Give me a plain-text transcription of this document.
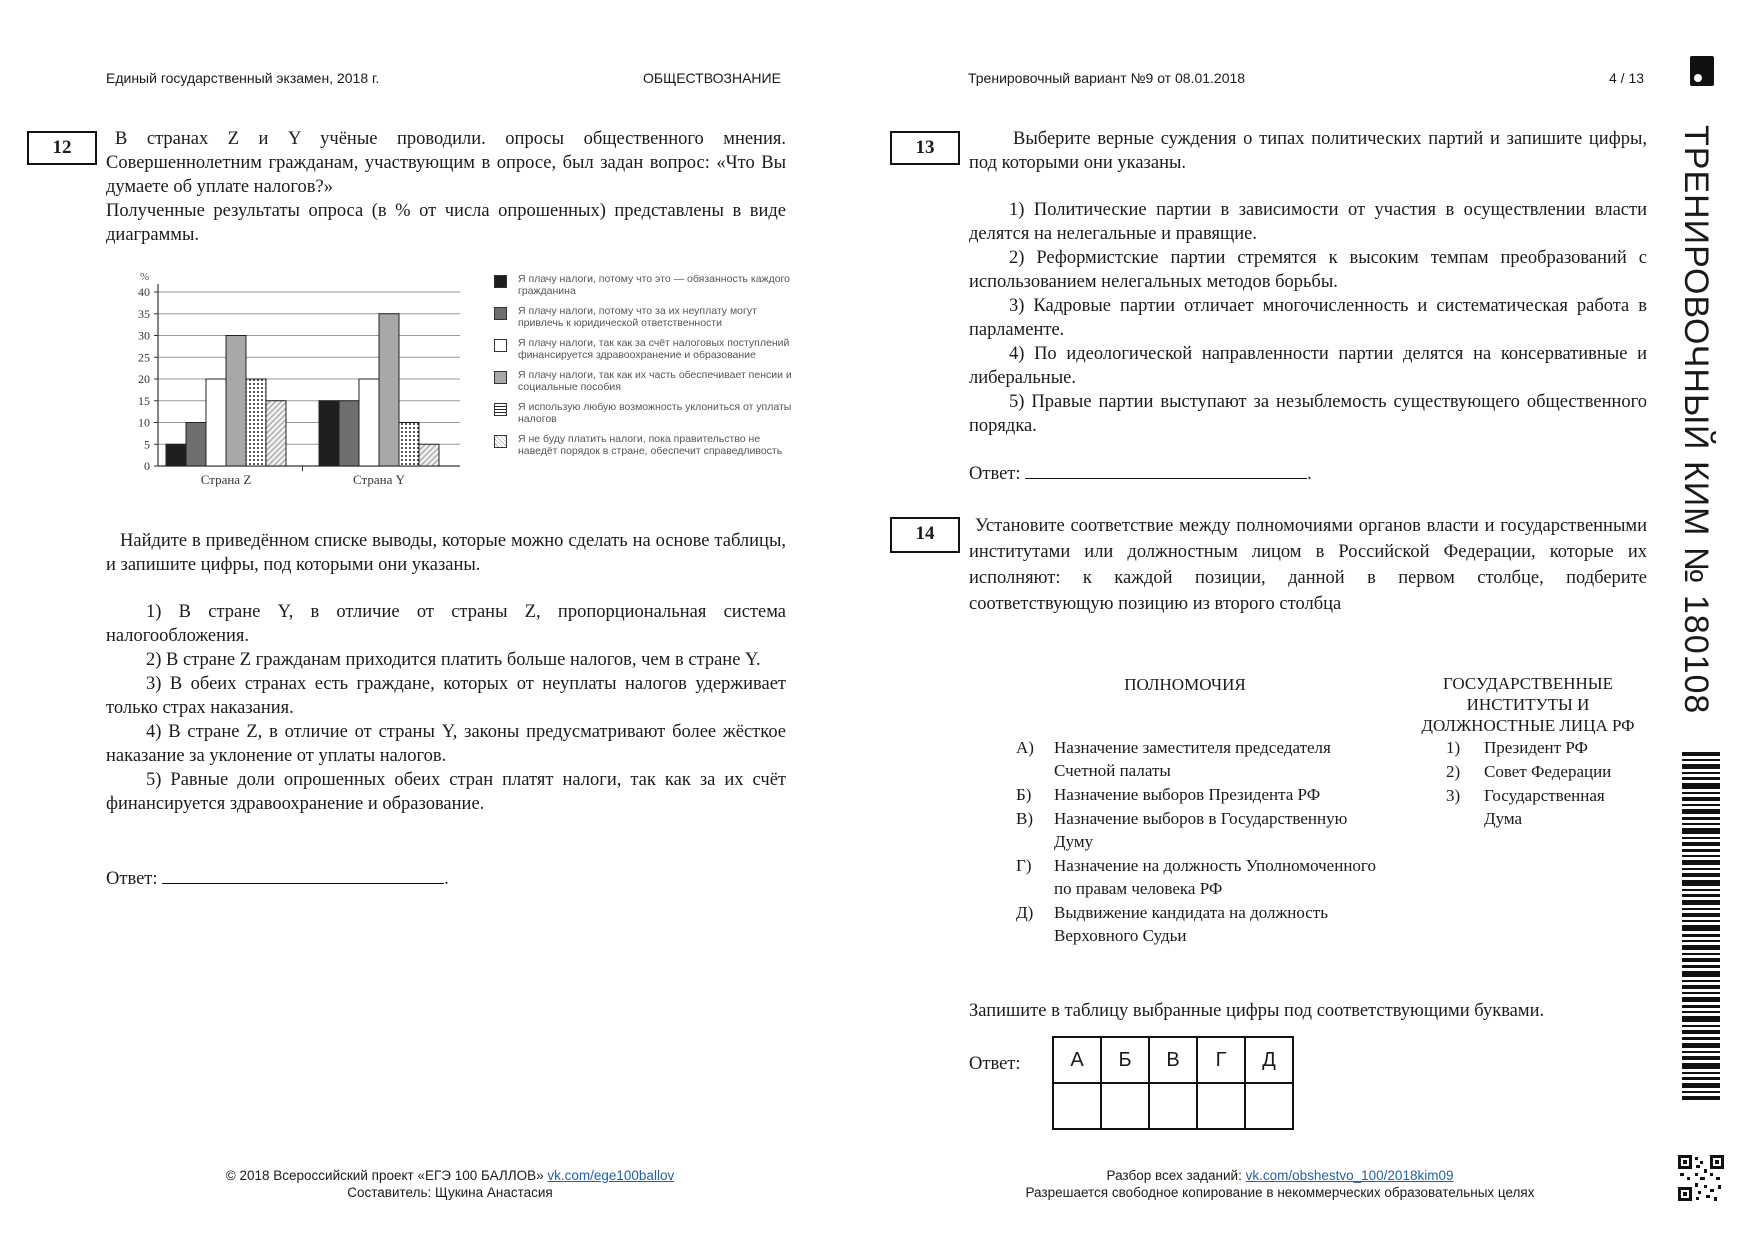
Единый государственный экзамен, 2018 г.	ОБЩЕСТВОЗНАНИЕ	Тренировочный вариант №9 от 08.01.2018	4 / 13
ТРЕНИРОВОЧНЫЙ КИМ № 180108
12	В странах Z и Y учёные проводили. опросы общественного мнения. Совершеннолетним гражданам, участвующим в опросе, был задан вопрос: «Что Вы думаете об уплате налогов?»
Полученные результаты опроса (в % от числа опрошенных) представлены в виде диаграммы.
0
5
10
15
20
25
30
35
40
%
Страна Z	Страна Y
Я плачу налоги, потому что это — обязанность каждого гражданина
Я плачу налоги, потому что за их неуплату могут привлечь к юридической ответственности
Я плачу налоги, так как за счёт налоговых поступлений финансируется здравоохранение и образование
Я плачу налоги, так как их часть обеспечивает пенсии и социальные пособия
Я использую любую возможность уклониться от уплаты налогов
Я не буду платить налоги, пока правительство не наведёт порядок в стране, обеспечит справедливость
Найдите в приведённом списке выводы, которые можно сделать на основе таблицы, и запишите цифры, под которыми они указаны.

1) В стране Y, в отличие от страны Z, пропорциональная система налогообложения.

2) В стране Z гражданам приходится платить больше налогов, чем в стране Y.

3) В обеих странах есть граждане, которых от неуплаты налогов удерживает только страх наказания.

4) В стране Z, в отличие от страны Y, законы предусматривают более жёсткое наказание за уклонение от уплаты налогов.

5) Равные доли опрошенных обеих стран платят налоги, так как за их счёт финансируется здравоохранение и образование.

Ответ:	.
13	Выберите верные суждения о типах политических партий и запишите цифры, под которыми они указаны.

1) Политические партии в зависимости от участия в осуществлении власти делятся на нелегальные и правящие.

2) Реформистские партии стремятся к высоким темпам преобразований с использованием нелегальных методов борьбы.

3) Кадровые партии отличает многочисленность и систематическая работа в парламенте.

4) По идеологической направленности партии делятся на консервативные и либеральные.

5) Правые партии выступают за незыблемость существующего общественного порядка.

Ответ:	.
14	Установите соответствие между полномочиями органов власти и государственными институтами или должностным лицом в Российской Федерации, которые их исполняют: к каждой позиции, данной в первом столбце, подберите соответствующую позицию из второго столбца
ПОЛНОМОЧИЯ	ГОСУДАРСТВЕННЫЕ ИНСТИТУТЫ И ДОЛЖНОСТНЫЕ ЛИЦА РФ
А) Назначение заместителя председателя Счетной палаты
Б) Назначение выборов Президента РФ
В) Назначение выборов в Государственную Думу
Г) Назначение на должность Уполномоченного по правам человека РФ
Д) Выдвижение кандидата на должность Верховного Судьи
1) Президент РФ
2) Совет Федерации
3) Государственная Дума
Запишите в таблицу выбранные цифры под соответствующими буквами.
Ответ: А	Б	В	Г	Д

© 2018 Всероссийский проект «ЕГЭ 100 БАЛЛОВ» vk.com/ege100ballov
Составитель: Щукина Анастасия
Разбор всех заданий: vk.com/obshestvo_100/2018kim09
Разрешается свободное копирование в некоммерческих образовательных целях
